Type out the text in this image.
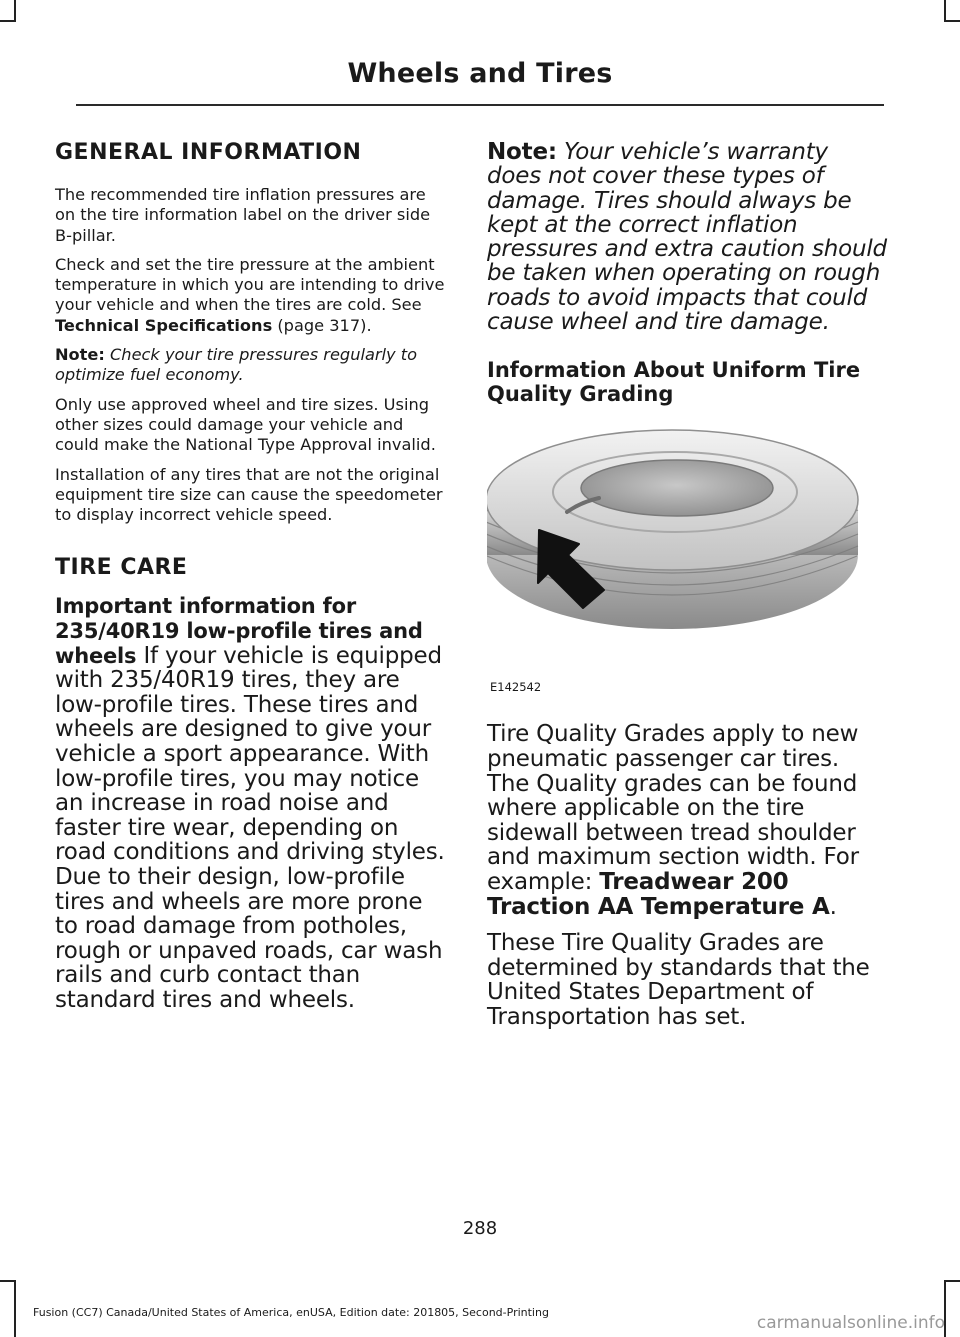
Wheels and Tires
GENERAL INFORMATION

The recommended tire inflation pressures are on the tire information label on the driver side B-pillar.

Check and set the tire pressure at the ambient temperature in which you are intending to drive your vehicle and when the tires are cold. See Technical Specifications (page 317).

Note: Check your tire pressures regularly to optimize fuel economy.

Only use approved wheel and tire sizes. Using other sizes could damage your vehicle and could make the National Type Approval invalid.

Installation of any tires that are not the original equipment tire size can cause the speedometer to display incorrect vehicle speed.

TIRE CARE

Important information for 235/40R19 low-profile tires and wheels If your vehicle is equipped with 235/40R19 tires, they are low-profile tires. These tires and wheels are designed to give your vehicle a sport appearance. With low-profile tires, you may notice an increase in road noise and faster tire wear, depending on road conditions and driving styles. Due to their design, low-profile tires and wheels are more prone to road damage from potholes, rough or unpaved roads, car wash rails and curb contact than standard tires and wheels.

Note: Your vehicle’s warranty does not cover these types of damage. Tires should always be kept at the correct inflation pressures and extra caution should be taken when operating on rough roads to avoid impacts that could cause wheel and tire damage.

Information About Uniform Tire Quality Grading
E142542

Tire Quality Grades apply to new pneumatic passenger car tires. The Quality grades can be found where applicable on the tire sidewall between tread shoulder and maximum section width. For example: Treadwear 200 Traction AA Temperature A.

These Tire Quality Grades are determined by standards that the United States Department of Transportation has set.

288
Fusion (CC7) Canada/United States of America, enUSA, Edition date: 201805, Second-Printing
carmanualsonline.info
